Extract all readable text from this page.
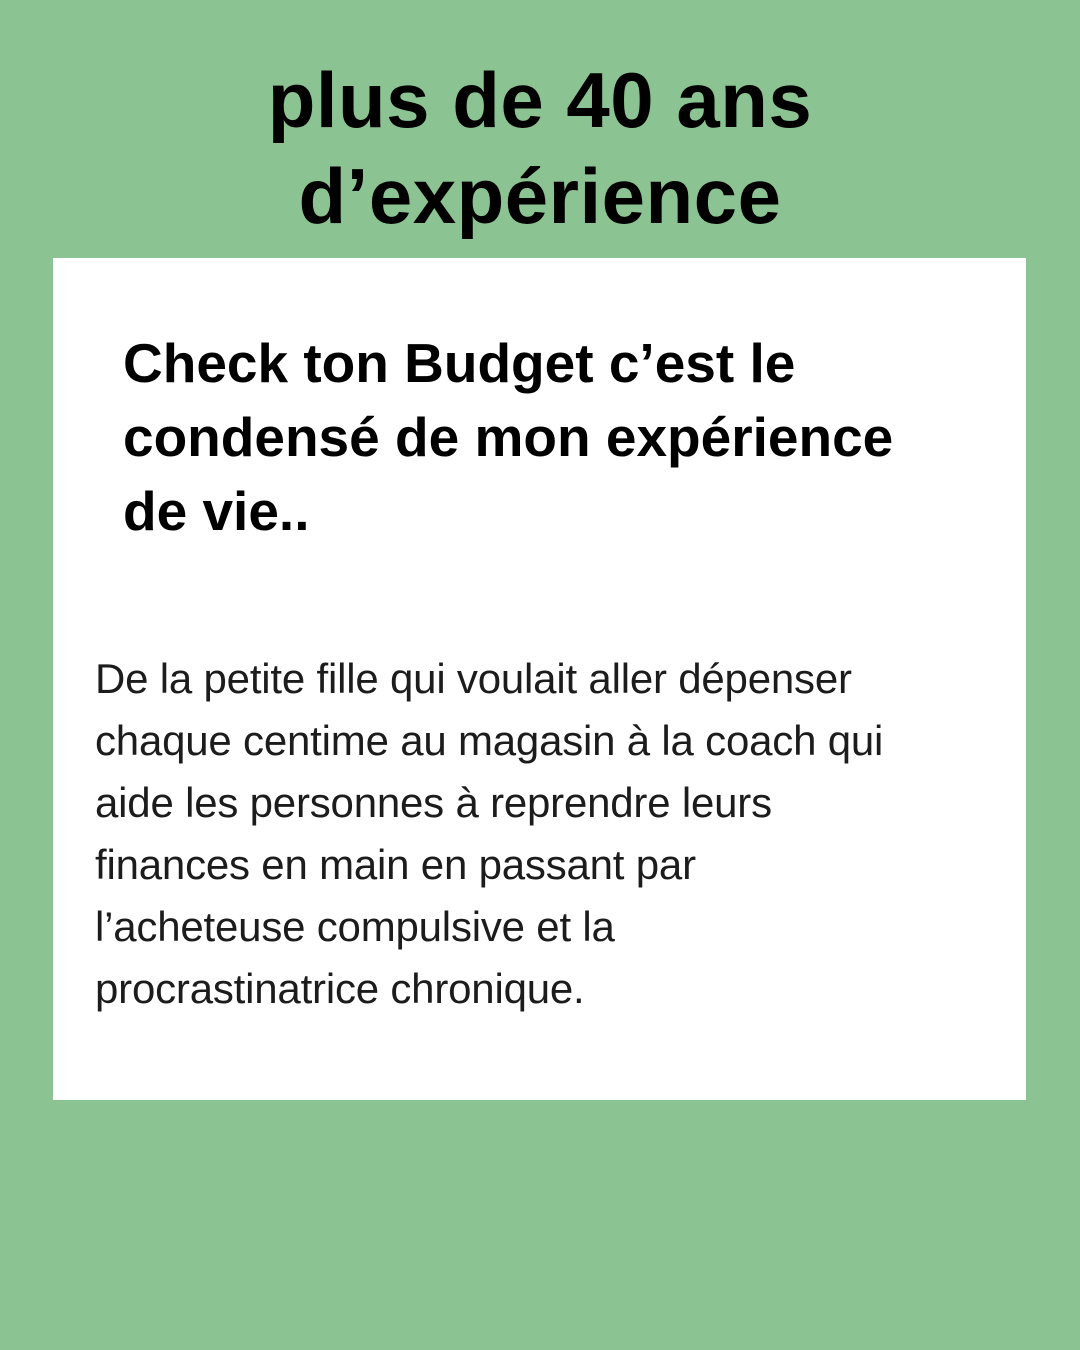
plus de 40 ans
d’expérience
Check ton Budget c’est le
condensé de mon expérience
de vie..
De la petite fille qui voulait aller dépenser
chaque centime au magasin à la coach qui
aide les personnes à reprendre leurs
finances en main en passant par
l’acheteuse compulsive et la
procrastinatrice chronique.
